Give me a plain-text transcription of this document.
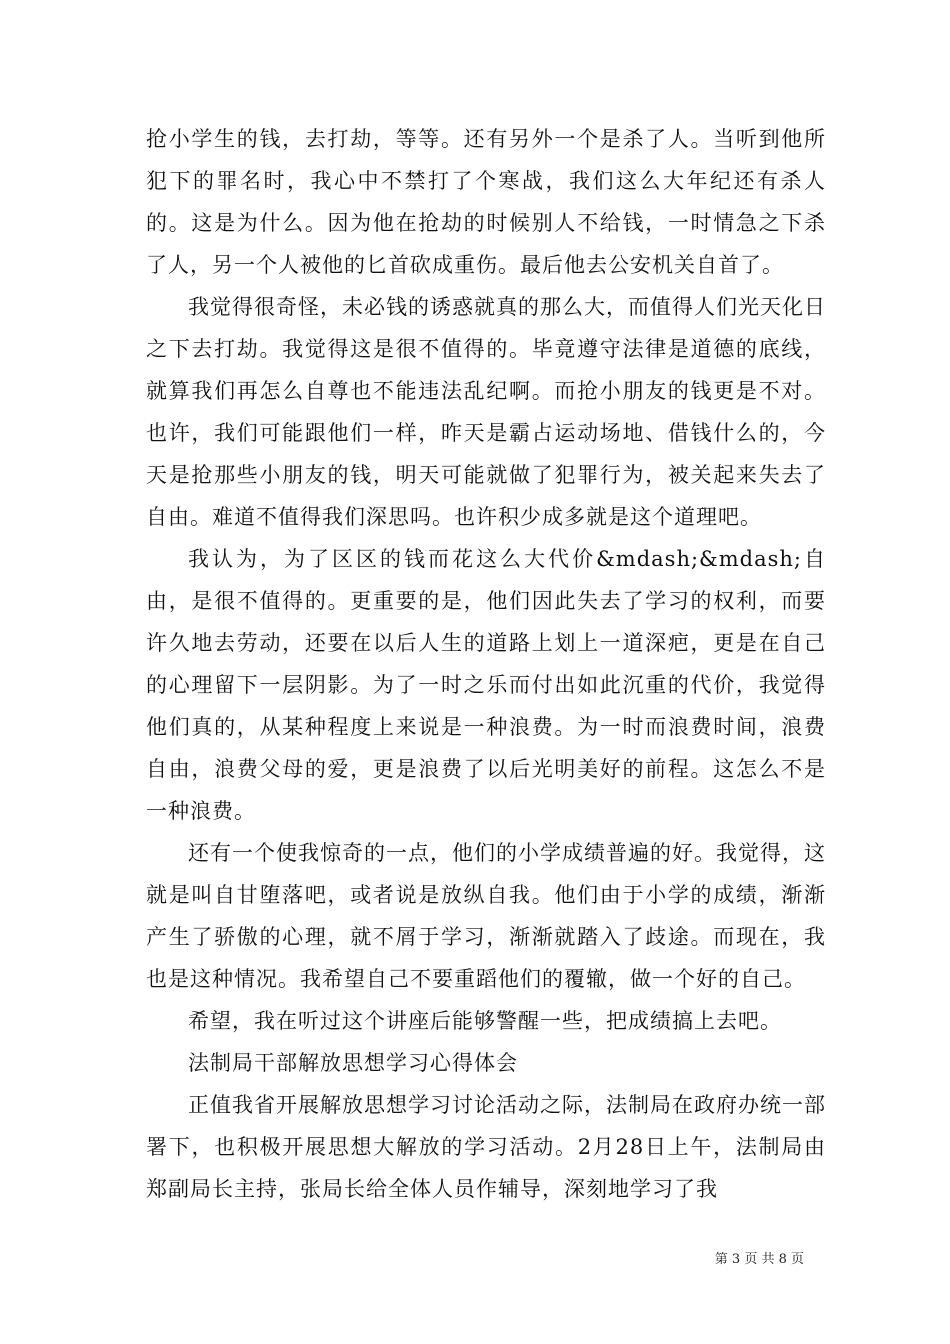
抢小学生的钱，去打劫，等等。还有另外一个是杀了人。当听到他所犯下的罪名时，我心中不禁打了个寒战，我们这么大年纪还有杀人的。这是为什么。因为他在抢劫的时候别人不给钱，一时情急之下杀了人，另一个人被他的匕首砍成重伤。最后他去公安机关自首了。

我觉得很奇怪，未必钱的诱惑就真的那么大，而值得人们光天化日之下去打劫。我觉得这是很不值得的。毕竟遵守法律是道德的底线，就算我们再怎么自尊也不能违法乱纪啊。而抢小朋友的钱更是不对。也许，我们可能跟他们一样，昨天是霸占运动场地、借钱什么的，今天是抢那些小朋友的钱，明天可能就做了犯罪行为，被关起来失去了自由。难道不值得我们深思吗。也许积少成多就是这个道理吧。

我认为，为了区区的钱而花这么大代价&mdash;&mdash;自由，是很不值得的。更重要的是，他们因此失去了学习的权利，而要许久地去劳动，还要在以后人生的道路上划上一道深疤，更是在自己的心理留下一层阴影。为了一时之乐而付出如此沉重的代价，我觉得他们真的，从某种程度上来说是一种浪费。为一时而浪费时间，浪费自由，浪费父母的爱，更是浪费了以后光明美好的前程。这怎么不是一种浪费。

还有一个使我惊奇的一点，他们的小学成绩普遍的好。我觉得，这就是叫自甘堕落吧，或者说是放纵自我。他们由于小学的成绩，渐渐产生了骄傲的心理，就不屑于学习，渐渐就踏入了歧途。而现在，我也是这种情况。我希望自己不要重蹈他们的覆辙，做一个好的自己。

希望，我在听过这个讲座后能够警醒一些，把成绩搞上去吧。

法制局干部解放思想学习心得体会

正值我省开展解放思想学习讨论活动之际，法制局在政府办统一部署下，也积极开展思想大解放的学习活动。2月28日上午，法制局由郑副局长主持，张局长给全体人员作辅导，深刻地学习了我

第 3 页 共 8 页
